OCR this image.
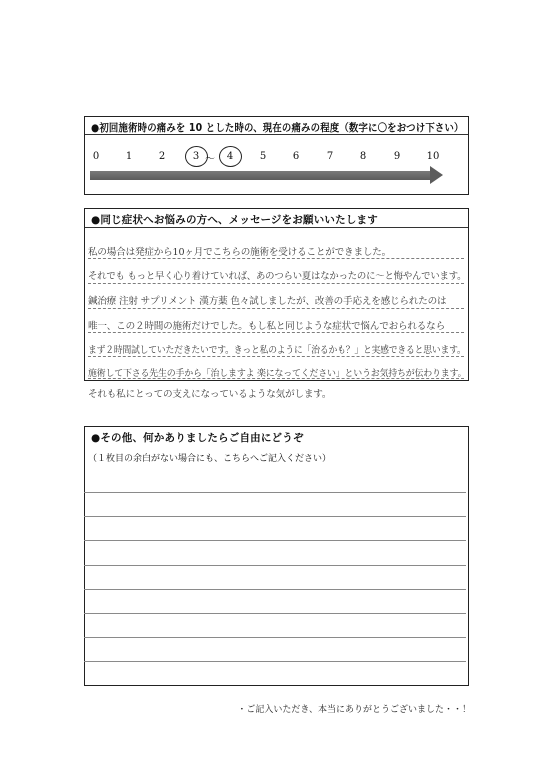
●初回施術時の痛みを 10 とした時の、現在の痛みの程度（数字に〇をおつけ下さい）
0	1	2	3	4	5	6	7	8	9	10
～
●同じ症状へお悩みの方へ、メッセージをお願いいたします
私の場合は発症から10ヶ月でこちらの施術を受けることができました。
それでも もっと早く心り着けていれば、あのつらい夏はなかったのに～と悔やんでいます。
鍼治療 注射 サプリメント 漢方薬 色々試しましたが、改善の手応えを感じられたのは
唯一、この２時間の施術だけでした。もし私と同じような症状で悩んでおられるなら
まず２時間試していただきたいです。きっと私のように「治るかも？」と実感できると思います。
施術して下さる先生の手から「治しますよ 楽になってください」というお気持ちが伝わります。
それも私にとっての支えになっているような気がします。
●その他、何かありましたらご自由にどうぞ
（１枚目の余白がない場合にも、こちらへご記入ください）
・ご記入いただき、本当にありがとうございました・・！
